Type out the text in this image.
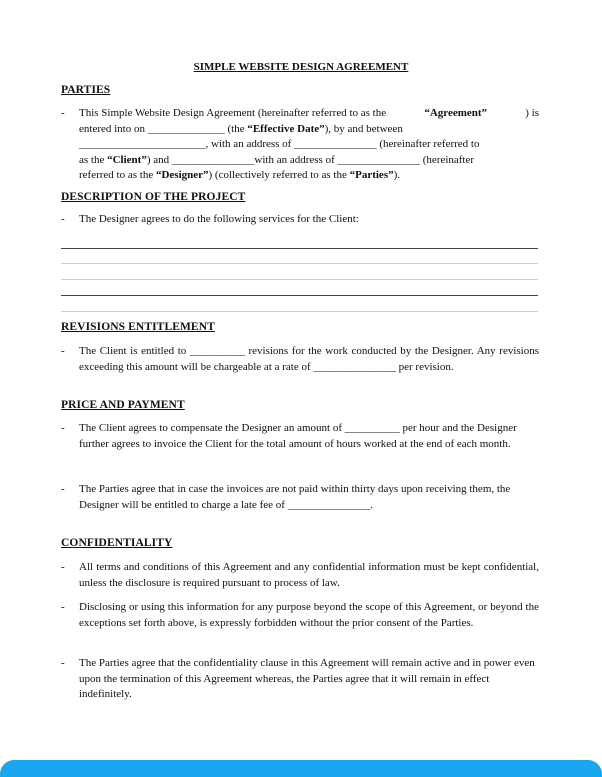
SIMPLE WEBSITE DESIGN AGREEMENT
PARTIES
- This Simple Website Design Agreement (hereinafter referred to as the	“Agreement”	) is
entered into on ______________ (the “Effective Date”), by and between
_______________________, with an address of _______________ (hereinafter referred to
as the “Client”) and _______________with an address of _______________ (hereinafter
referred to as the “Designer”) (collectively referred to as the “Parties”).
DESCRIPTION OF THE PROJECT
- The Designer agrees to do the following services for the Client:
REVISIONS ENTITLEMENT
- The Client is entitled to __________ revisions for the work conducted by the Designer. Any revisions exceeding this amount will be chargeable at a rate of _______________ per revision.
PRICE AND PAYMENT
- The Client agrees to compensate the Designer an amount of __________ per hour and the Designer further agrees to invoice the Client for the total amount of hours worked at the end of each month.
- The Parties agree that in case the invoices are not paid within thirty days upon receiving them, the Designer will be entitled to charge a late fee of _______________.
CONFIDENTIALITY
- All terms and conditions of this Agreement and any confidential information must be kept confidential, unless the disclosure is required pursuant to process of law.
- Disclosing or using this information for any purpose beyond the scope of this Agreement, or beyond the exceptions set forth above, is expressly forbidden without the prior consent of the Parties.
- The Parties agree that the confidentiality clause in this Agreement will remain active and in power even upon the termination of this Agreement whereas, the Parties agree that it will remain in effect indefinitely.
